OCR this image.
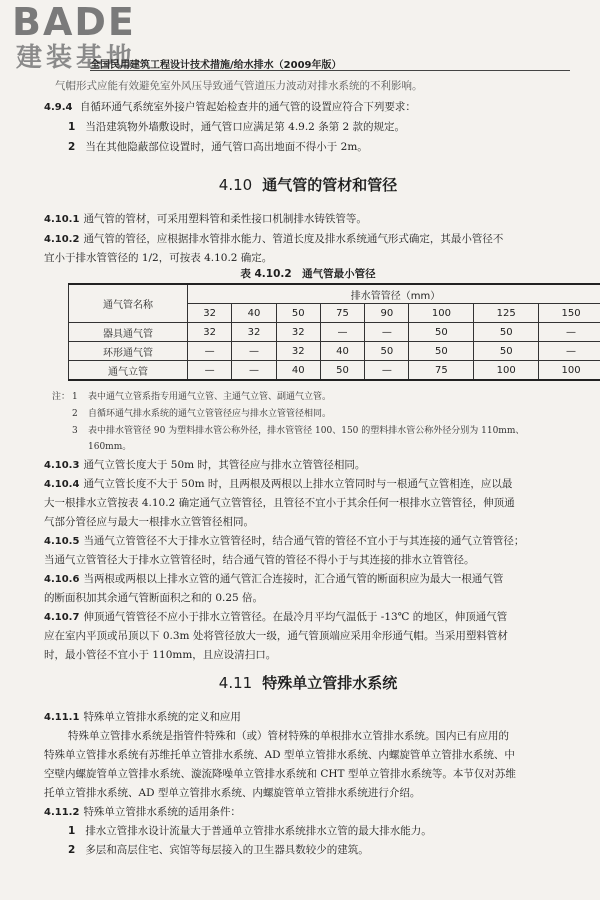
BADE
建装基地
全国民用建筑工程设计技术措施/给水排水（2009年版）
气帽形式应能有效避免室外风压导致通气管道压力波动对排水系统的不利影响。
4.9.4 自循环通气系统室外接户管起始检查井的通气管的设置应符合下列要求：
1 当沿建筑物外墙敷设时，通气管口应满足第 4.9.2 条第 2 款的规定。
2 当在其他隐蔽部位设置时，通气管口高出地面不得小于 2m。
4.10 通气管的管材和管径
4.10.1 通气管的管材，可采用塑料管和柔性接口机制排水铸铁管等。
4.10.2 通气管的管径，应根据排水管排水能力、管道长度及排水系统通气形式确定，其最小管径不
宜小于排水管管径的 1/2，可按表 4.10.2 确定。
表 4.10.2　通气管最小管径
通气管名称	排水管管径（mm）							
	32	40	50	75	90	100	125	150
器具通气管	32	32	32	—	—	50	50	—
环形通气管	—	—	32	40	50	50	50	—
通气立管	—	—	40	50	—	75	100	100
注： 1 表中通气立管系指专用通气立管、主通气立管、副通气立管。
2 自循环通气排水系统的通气立管管径应与排水立管管径相同。
3 表中排水管管径 90 为塑料排水管公称外径，排水管管径 100、150 的塑料排水管公称外径分别为 110mm、
160mm。
4.10.3 通气立管长度大于 50m 时，其管径应与排水立管管径相同。
4.10.4 通气立管长度不大于 50m 时，且两根及两根以上排水立管同时与一根通气立管相连，应以最
大一根排水立管按表 4.10.2 确定通气立管管径，且管径不宜小于其余任何一根排水立管管径，伸顶通
气部分管径应与最大一根排水立管管径相同。
4.10.5 当通气立管管径不大于排水立管管径时，结合通气管的管径不宜小于与其连接的通气立管管径；
当通气立管管径大于排水立管管径时，结合通气管的管径不得小于与其连接的排水立管管径。
4.10.6 当两根或两根以上排水立管的通气管汇合连接时，汇合通气管的断面积应为最大一根通气管
的断面积加其余通气管断面积之和的 0.25 倍。
4.10.7 伸顶通气管管径不应小于排水立管管径。在最冷月平均气温低于 -13℃ 的地区，伸顶通气管
应在室内平顶或吊顶以下 0.3m 处将管径放大一级，通气管顶端应采用伞形通气帽。当采用塑料管材
时，最小管径不宜小于 110mm，且应设清扫口。
4.11 特殊单立管排水系统
4.11.1 特殊单立管排水系统的定义和应用
特殊单立管排水系统是指管件特殊和（或）管材特殊的单根排水立管排水系统。国内已有应用的
特殊单立管排水系统有苏维托单立管排水系统、AD 型单立管排水系统、内螺旋管单立管排水系统、中
空壁内螺旋管单立管排水系统、漩流降噪单立管排水系统和 CHT 型单立管排水系统等。本节仅对苏维
托单立管排水系统、AD 型单立管排水系统、内螺旋管单立管排水系统进行介绍。
4.11.2 特殊单立管排水系统的适用条件：
1 排水立管排水设计流量大于普通单立管排水系统排水立管的最大排水能力。
2 多层和高层住宅、宾馆等每层接入的卫生器具数较少的建筑。
